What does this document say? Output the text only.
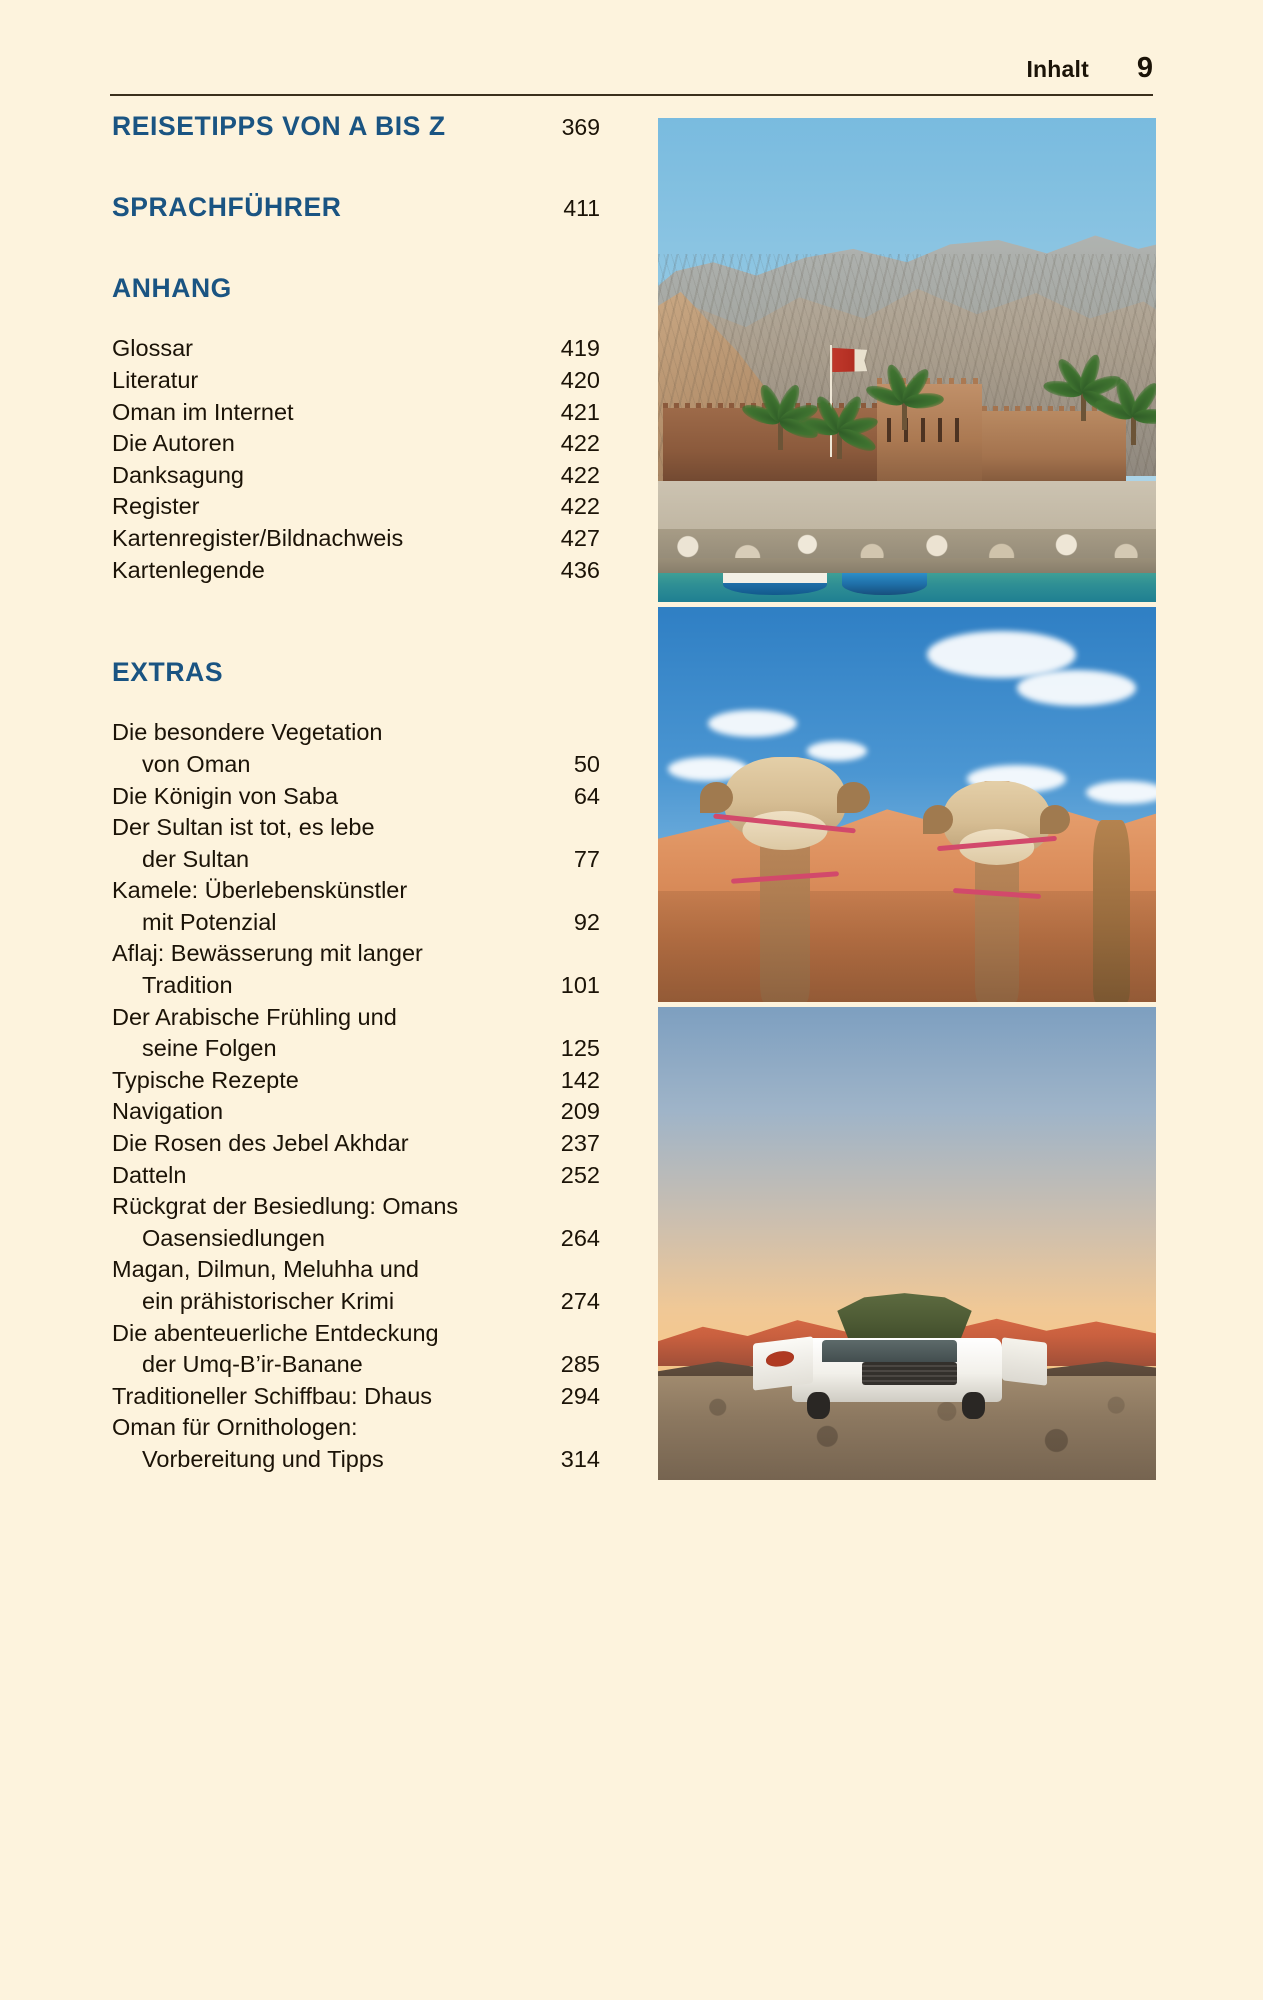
Inhalt	9
REISETIPPS VON A BIS Z	369
SPRACHFÜHRER	411
ANHANG
Glossar	419
Literatur	420
Oman im Internet	421
Die Autoren	422
Danksagung	422
Register	422
Kartenregister/Bildnachweis	427
Kartenlegende	436
EXTRAS
Die besondere Vegetation
von Oman	50
Die Königin von Saba	64
Der Sultan ist tot, es lebe
der Sultan	77
Kamele: Überlebenskünstler
mit Potenzial	92
Aflaj: Bewässerung mit langer
Tradition	101
Der Arabische Frühling und
seine Folgen	125
Typische Rezepte	142
Navigation	209
Die Rosen des Jebel Akhdar	237
Datteln	252
Rückgrat der Besiedlung: Omans
Oasensiedlungen	264
Magan, Dilmun, Meluhha und
ein prähistorischer Krimi	274
Die abenteuerliche Entdeckung
der Umq-B’ir-Banane	285
Traditioneller Schiffbau: Dhaus	294
Oman für Ornithologen:
Vorbereitung und Tipps	314
